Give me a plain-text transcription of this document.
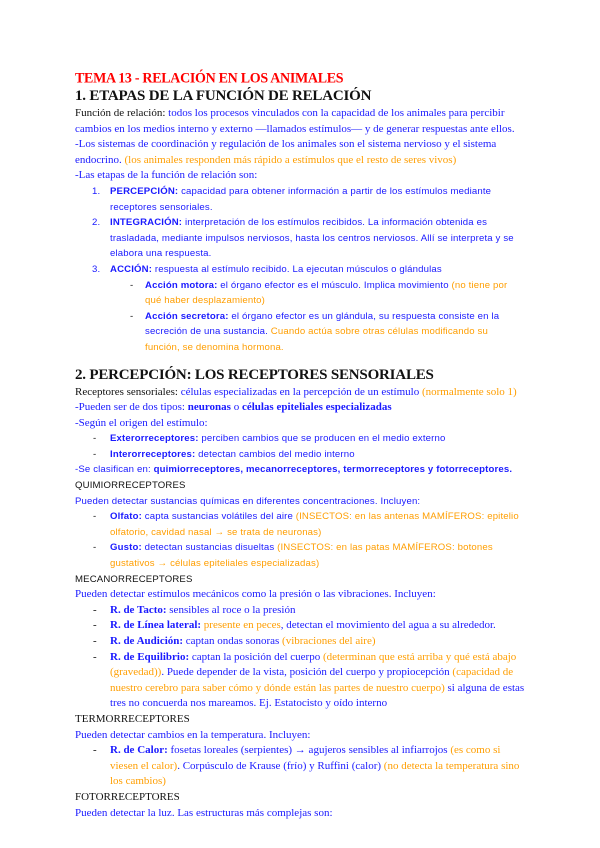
TEMA 13 - RELACIÓN EN LOS ANIMALES
1. ETAPAS DE LA FUNCIÓN DE RELACIÓN
Función de relación: todos los procesos vinculados con la capacidad de los animales para percibir cambios en los medios interno y externo —llamados estímulos— y de generar respuestas ante ellos.
-Los sistemas de coordinación y regulación de los animales son el sistema nervioso y el sistema endocrino. (los animales responden más rápido a estímulos que el resto de seres vivos)
-Las etapas de la función de relación son:
1. PERCEPCIÓN: capacidad para obtener información a partir de los estímulos mediante receptores sensoriales.
2. INTEGRACIÓN: interpretación de los estímulos recibidos. La información obtenida es trasladada, mediante impulsos nerviosos, hasta los centros nerviosos. Allí se interpreta y se elabora una respuesta.
3. ACCIÓN: respuesta al estímulo recibido. La ejecutan músculos o glándulas
- Acción motora: el órgano efector es el músculo. Implica movimiento (no tiene por qué haber desplazamiento)
- Acción secretora: el órgano efector es un glándula, su respuesta consiste en la secreción de una sustancia. Cuando actúa sobre otras células modificando su función, se denomina hormona.
2. PERCEPCIÓN: LOS RECEPTORES SENSORIALES
Receptores sensoriales: células especializadas en la percepción de un estímulo (normalmente solo 1)
-Pueden ser de dos tipos: neuronas o células epiteliales especializadas
-Según el origen del estímulo:
- Exterorreceptores: perciben cambios que se producen en el medio externo
- Interorreceptores: detectan cambios del medio interno
-Se clasifican en: quimiorreceptores, mecanorreceptores, termorreceptores y fotorreceptores.
QUIMIORRECEPTORES
Pueden detectar sustancias químicas en diferentes concentraciones. Incluyen:
- Olfato: capta sustancias volátiles del aire (INSECTOS: en las antenas MAMÍFEROS: epitelio olfatorio, cavidad nasal → se trata de neuronas)
- Gusto: detectan sustancias disueltas (INSECTOS: en las patas MAMÍFEROS: botones gustativos → células epiteliales especializadas)
MECANORRECEPTORES
Pueden detectar estímulos mecánicos como la presión o las vibraciones. Incluyen:
- R. de Tacto: sensibles al roce o la presión
- R. de Línea lateral: presente en peces, detectan el movimiento del agua a su alrededor.
- R. de Audición: captan ondas sonoras (vibraciones del aire)
- R. de Equilibrio: captan la posición del cuerpo (determinan que está arriba y qué está abajo (gravedad)). Puede depender de la vista, posición del cuerpo y propiocepción (capacidad de nuestro cerebro para saber cómo y dónde están las partes de nuestro cuerpo) si alguna de estas tres no concuerda nos mareamos. Ej. Estatocisto y oído interno
TERMORRECEPTORES
Pueden detectar cambios en la temperatura. Incluyen:
- R. de Calor: fosetas loreales (serpientes) → agujeros sensibles al infiarrojos (es como si viesen el calor). Corpúsculo de Krause (frío) y Ruffini (calor) (no detecta la temperatura sino los cambios)
FOTORRECEPTORES
Pueden detectar la luz. Las estructuras más complejas son:
